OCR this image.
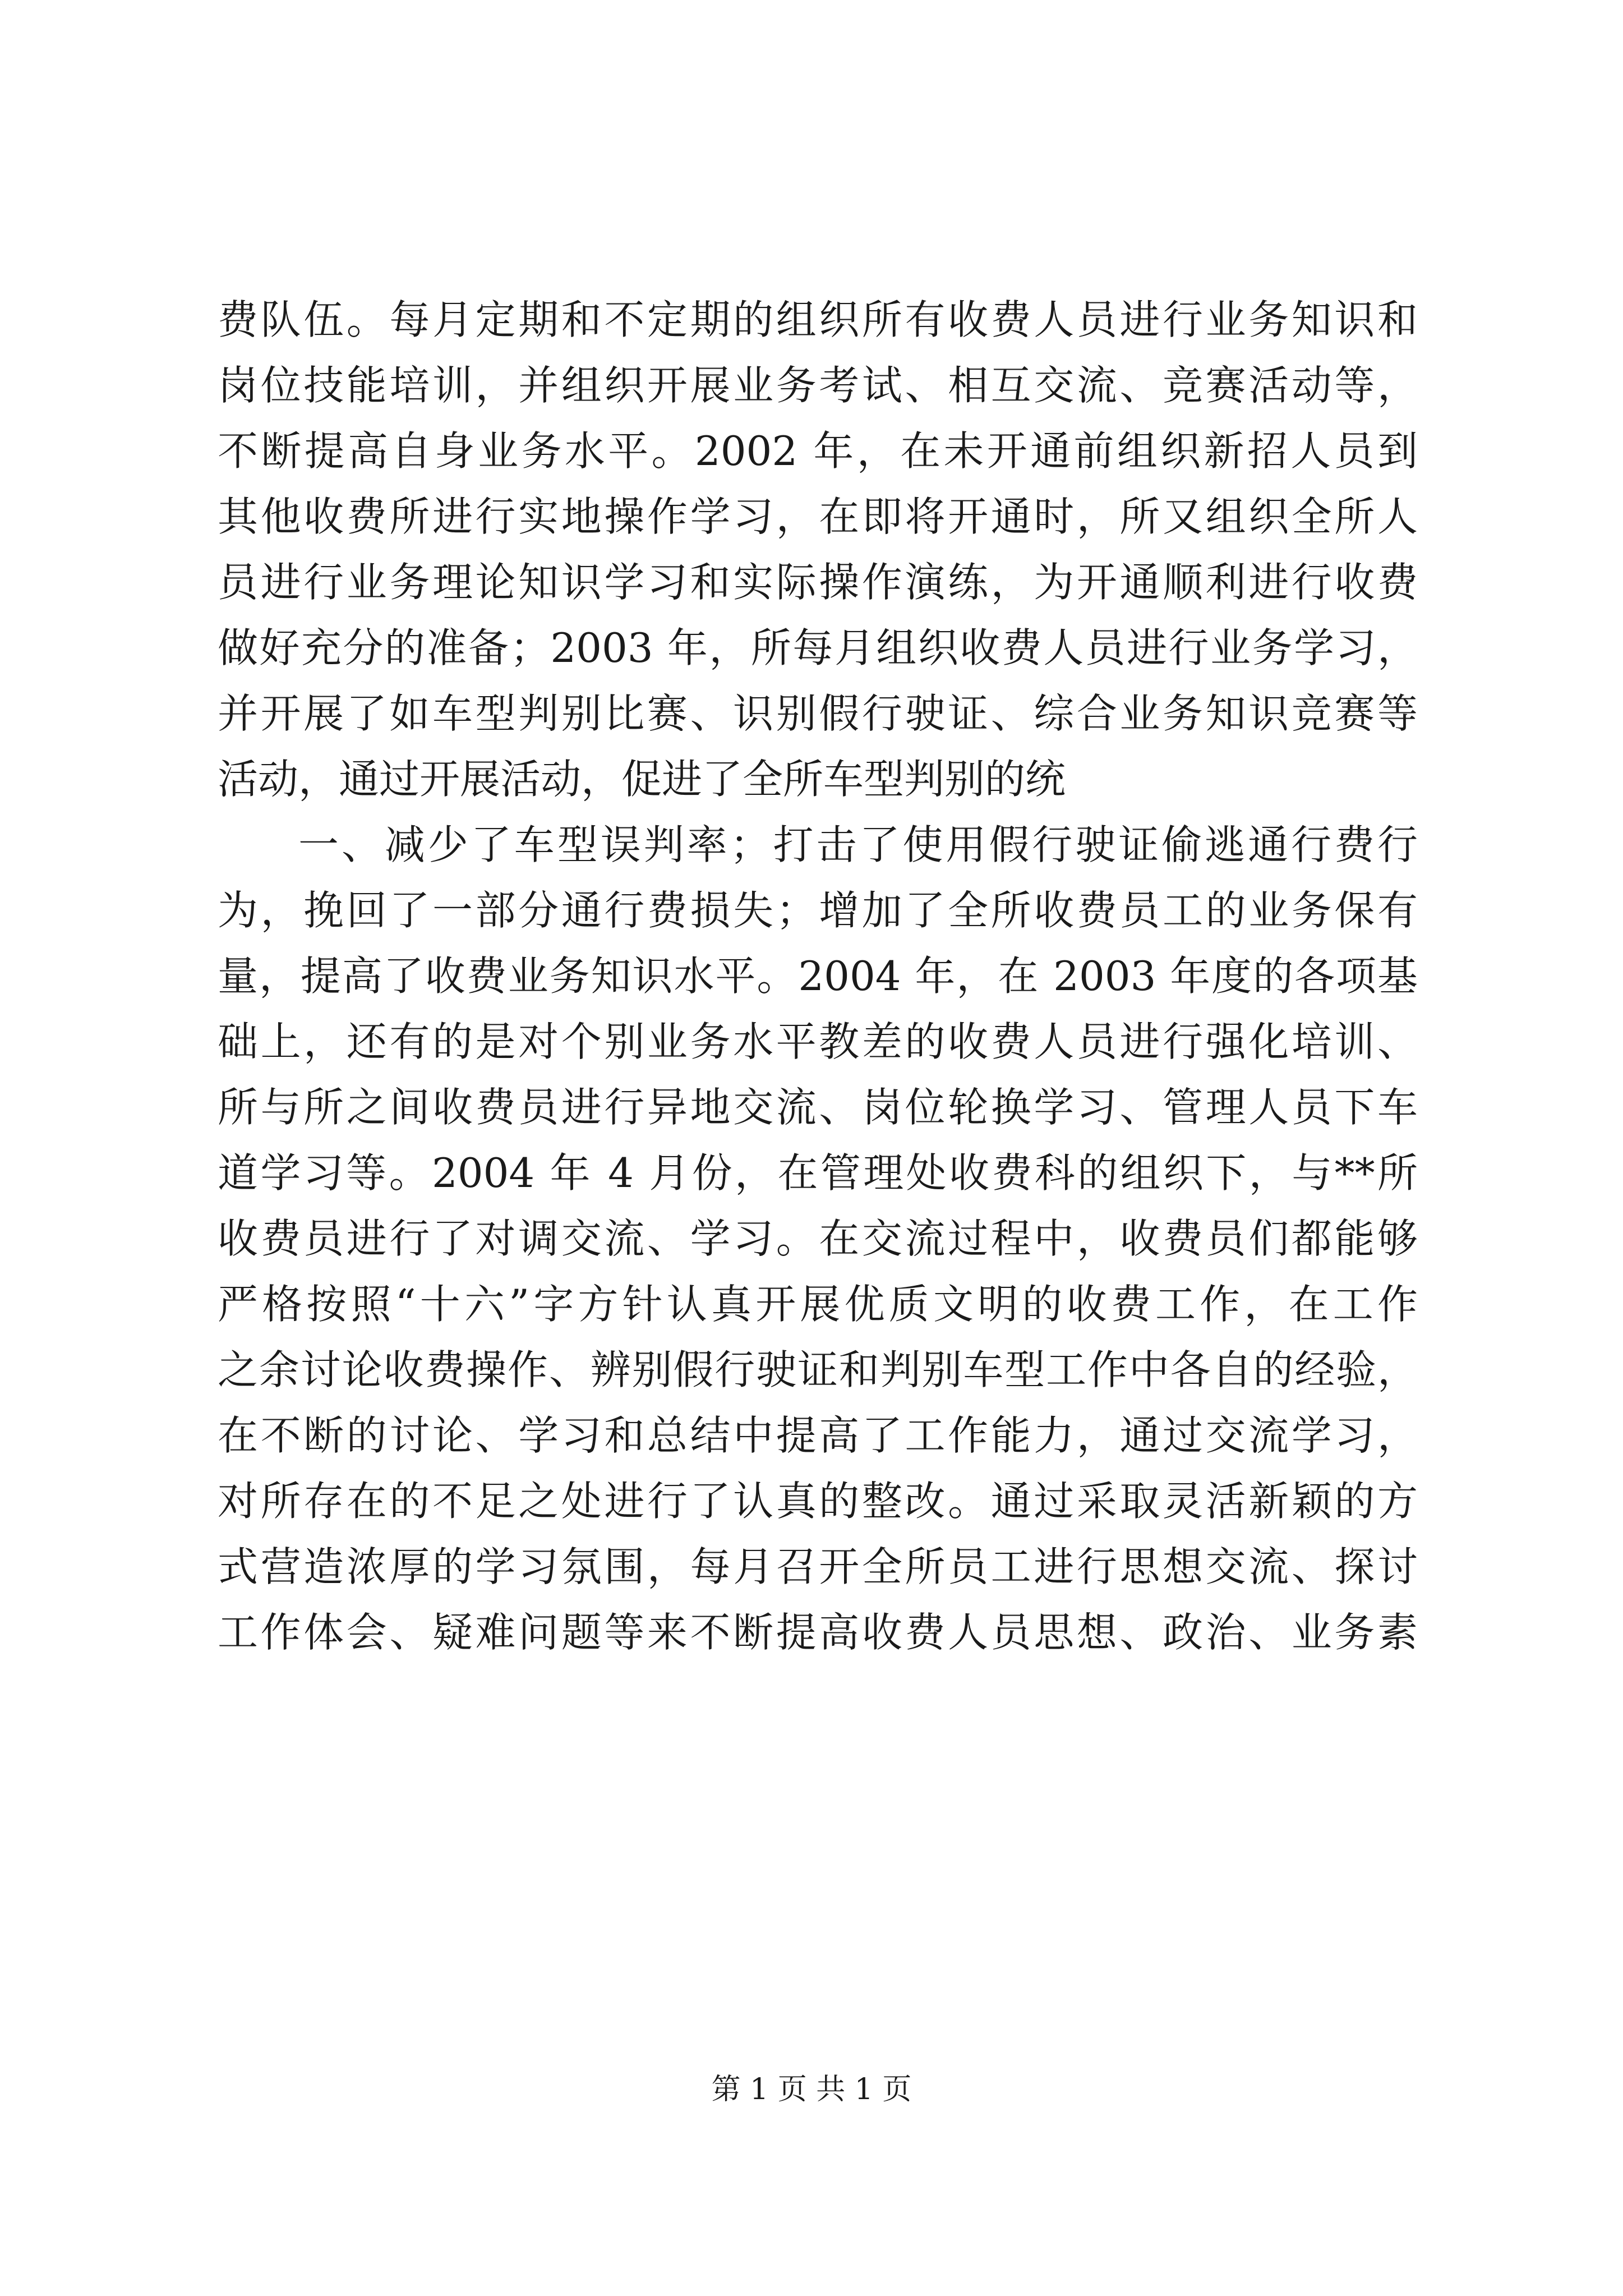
费队伍。每月定期和不定期的组织所有收费人员进行业务知识和
岗位技能培训，并组织开展业务考试、相互交流、竞赛活动等，
不断提高自身业务水平。2002 年，在未开通前组织新招人员到
其他收费所进行实地操作学习，在即将开通时，所又组织全所人
员进行业务理论知识学习和实际操作演练，为开通顺利进行收费
做好充分的准备；2003 年，所每月组织收费人员进行业务学习，
并开展了如车型判别比赛、识别假行驶证、综合业务知识竞赛等
活动，通过开展活动，促进了全所车型判别的统
一、减少了车型误判率；打击了使用假行驶证偷逃通行费行
为，挽回了一部分通行费损失；增加了全所收费员工的业务保有
量，提高了收费业务知识水平。2004 年，在 2003 年度的各项基
础上，还有的是对个别业务水平教差的收费人员进行强化培训、
所与所之间收费员进行异地交流、岗位轮换学习、管理人员下车
道学习等。2004 年 4 月份，在管理处收费科的组织下，与**所
收费员进行了对调交流、学习。在交流过程中，收费员们都能够
严格按照“十六”字方针认真开展优质文明的收费工作，在工作
之余讨论收费操作、辨别假行驶证和判别车型工作中各自的经验，
在不断的讨论、学习和总结中提高了工作能力，通过交流学习，
对所存在的不足之处进行了认真的整改。通过采取灵活新颖的方
式营造浓厚的学习氛围，每月召开全所员工进行思想交流、探讨
工作体会、疑难问题等来不断提高收费人员思想、政治、业务素
第 1 页 共 1 页
